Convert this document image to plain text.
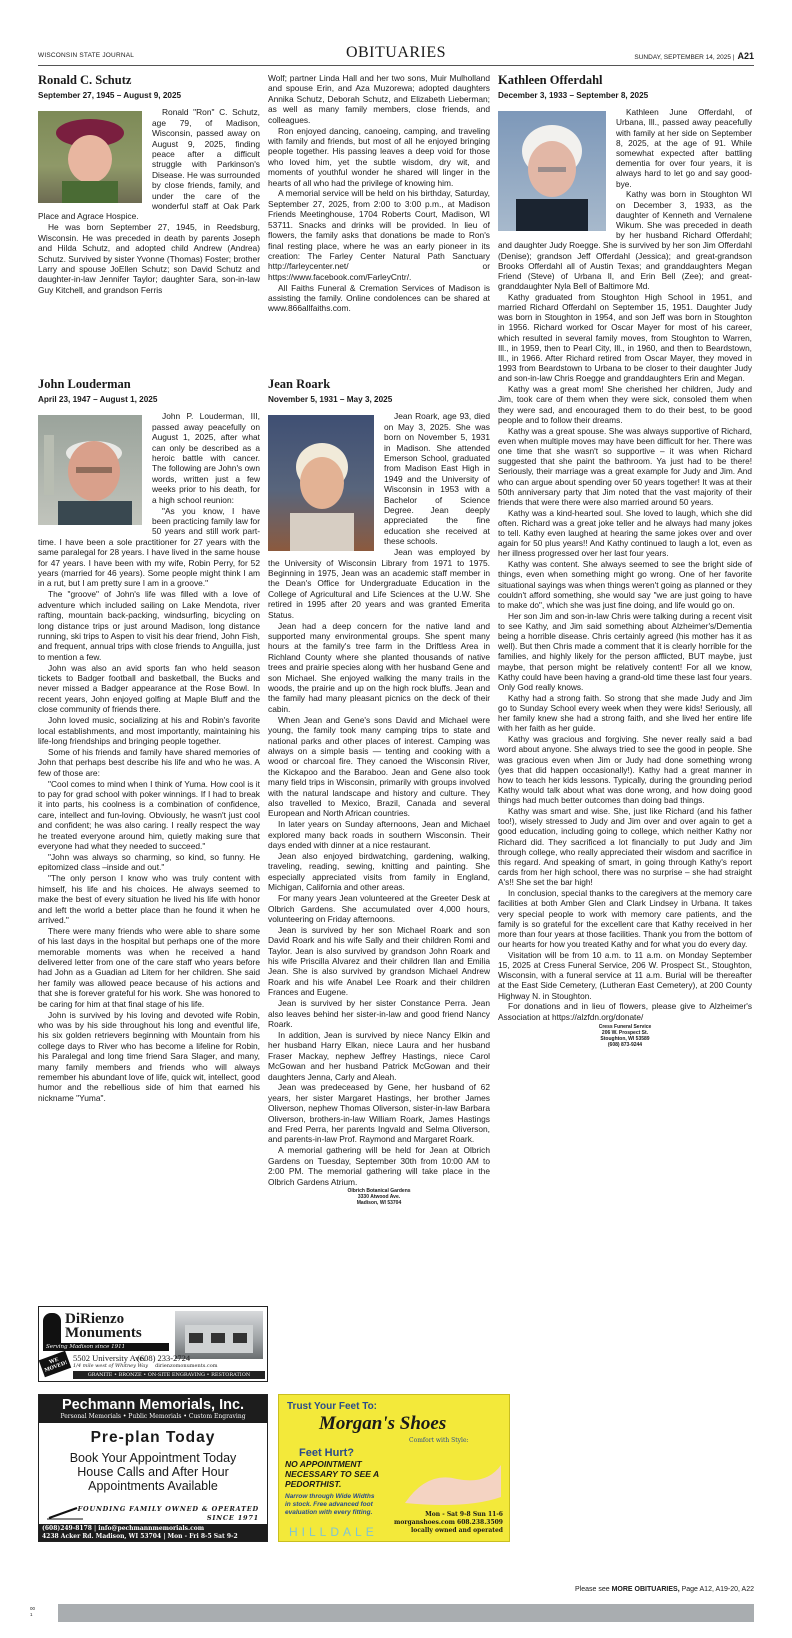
WISCONSIN STATE JOURNAL	OBITUARIES	SUNDAY, SEPTEMBER 14, 2025 | A21
Ronald C. Schutz
September 27, 1945 – August 9, 2025

Ronald "Ron" C. Schutz, age 79, of Madison, Wisconsin, passed away on August 9, 2025, finding peace after a difficult struggle with Parkinson's Disease. He was surrounded by close friends, family, and under the care of the wonderful staff at Oak Park Place and Agrace Hospice.

He was born September 27, 1945, in Reedsburg, Wisconsin. He was preceded in death by parents Joseph and Hilda Schutz, and adopted child Andrew (Andrea) Schutz. Survived by sister Yvonne (Thomas) Foster; brother Larry and spouse JoEllen Schutz; son David Schutz and daughter-in-law Jennifer Taylor; daughter Sara, son-in-law Guy Kitchell, and grandson Ferris

Wolf; partner Linda Hall and her two sons, Muir Mulholland and spouse Erin, and Aza Muzorewa; adopted daughters Annika Schutz, Deborah Schutz, and Elizabeth Lieberman; as well as many family members, close friends, and colleagues.

Ron enjoyed dancing, canoeing, camping, and traveling with family and friends, but most of all he enjoyed bringing people together. His passing leaves a deep void for those who loved him, yet the subtle wisdom, dry wit, and moments of youthful wonder he shared will linger in the hearts of all who had the privilege of knowing him.

A memorial service will be held on his birthday, Saturday, September 27, 2025, from 2:00 to 3:00 p.m., at Madison Friends Meetinghouse, 1704 Roberts Court, Madison, WI 53711. Snacks and drinks will be provided. In lieu of flowers, the family asks that donations be made to Ron's final resting place, where he was an early pioneer in its creation: The Farley Center Natural Path Sanctuary http://farleycenter.net/ or https://www.facebook.com/FarleyCntr/.

All Faiths Funeral & Cremation Services of Madison is assisting the family. Online condolences can be shared at www.866allfaiths.com.

John Louderman
April 23, 1947 – August 1, 2025

John P. Louderman, III, passed away peacefully on August 1, 2025, after what can only be described as a heroic battle with cancer. The following are John's own words, written just a few weeks prior to his death, for a high school reunion:

"As you know, I have been practicing family law for 50 years and still work part-time. I have been a sole practitioner for 27 years with the same paralegal for 28 years. I have lived in the same house for 47 years. I have been with my wife, Robin Perry, for 52 years (married for 46 years). Some people might think I am in a rut, but I am pretty sure I am in a groove."

The "groove" of John's life was filled with a love of adventure which included sailing on Lake Mendota, river rafting, mountain back-packing, windsurfing, bicycling on long distance trips or just around Madison, long distance running, ski trips to Aspen to visit his dear friend, John Fish, and frequent, annual trips with close friends to Anguilla, just to mention a few.

John was also an avid sports fan who held season tickets to Badger football and basketball, the Bucks and never missed a Badger appearance at the Rose Bowl. In recent years, John enjoyed golfing at Maple Bluff and the close community of friends there.

John loved music, socializing at his and Robin's favorite local establishments, and most importantly, maintaining his life-long friendships and bringing people together.

Some of his friends and family have shared memories of John that perhaps best describe his life and who he was. A few of those are:

"Cool comes to mind when I think of Yuma. How cool is it to pay for grad school with poker winnings. If I had to break it into parts, his coolness is a combination of confidence, care, intellect and fun-loving. Obviously, he wasn't just cool and confident; he was also caring. I really respect the way he treated everyone around him, quietly making sure that everyone had what they needed to succeed."

"John was always so charming, so kind, so funny. He epitomized class –inside and out."

"The only person I know who was truly content with himself, his life and his choices. He always seemed to make the best of every situation he lived his life with honor and left the world a better place than he found it when he arrived."

There were many friends who were able to share some of his last days in the hospital but perhaps one of the more memorable moments was when he received a hand delivered letter from one of the care staff who years before had John as a Guadian ad Litem for her children. She said her family was allowed peace because of his actions and that she is forever grateful for his work. She was honored to be caring for him at that final stage of his life.

John is survived by his loving and devoted wife Robin, who was by his side throughout his long and eventful life, his six golden retrievers beginning with Mountain from his college days to River who has become a lifeline for Robin, his Paralegal and long time friend Sara Slager, and many, many family members and friends who will always remember his abundant love of life, quick wit, intellect, good humor and the rebellious side of him that earned his nickname "Yuma".

Jean Roark
November 5, 1931 – May 3, 2025

Jean Roark, age 93, died on May 3, 2025. She was born on November 5, 1931 in Madison. She attended Emerson School, graduated from Madison East High in 1949 and the University of Wisconsin in 1953 with a Bachelor of Science Degree. Jean deeply appreciated the fine education she received at these schools.

Jean was employed by the University of Wisconsin Library from 1971 to 1975. Beginning in 1975, Jean was an academic staff member in the Dean's Office for Undergraduate Education in the College of Agricultural and Life Sciences at the U.W. She retired in 1995 after 20 years and was granted Emerita Status.

Jean had a deep concern for the native land and supported many environmental groups. She spent many hours at the family's tree farm in the Driftless Area in Richland County where she planted thousands of native trees and prairie species along with her husband Gene and son Michael. She enjoyed walking the many trails in the woods, the prairie and up on the high rock bluffs. Jean and the family had many pleasant picnics on the deck of their cabin.

When Jean and Gene's sons David and Michael were young, the family took many camping trips to state and national parks and other places of interest. Camping was always on a simple basis — tenting and cooking with a wood or charcoal fire. They canoed the Wisconsin River, the Kickapoo and the Baraboo. Jean and Gene also took many field trips in Wisconsin, primarily with groups involved with the natural landscape and history and culture. They also travelled to Mexico, Brazil, Canada and several European and North African countries.

In later years on Sunday afternoons, Jean and Michael explored many back roads in southern Wisconsin. Their days ended with dinner at a nice restaurant.

Jean also enjoyed birdwatching, gardening, walking, traveling, reading, sewing, knitting and painting. She especially appreciated visits from family in England, Michigan, California and other areas.

For many years Jean volunteered at the Greeter Desk at Olbrich Gardens. She accumulated over 4,000 hours, volunteering on Friday afternoons.

Jean is survived by her son Michael Roark and son David Roark and his wife Sally and their children Romi and Taylor. Jean is also survived by grandson John Roark and his wife Priscilla Alvarez and their children Ilan and Emilia Jean. She is also survived by grandson Michael Andrew Roark and his wife Anabel Lee Roark and their children Frances and Eugene.

Jean is survived by her sister Constance Perra. Jean also leaves behind her sister-in-law and good friend Nancy Roark.

In addition, Jean is survived by niece Nancy Elkin and her husband Harry Elkan, niece Laura and her husband Fraser Mackay, nephew Jeffrey Hastings, niece Carol McGowan and her husband Patrick McGowan and their daughters Jenna, Carly and Aleah.

Jean was predeceased by Gene, her husband of 62 years, her sister Margaret Hastings, her brother James Oliverson, nephew Thomas Oliverson, sister-in-law Barbara Oliverson, brothers-in-law William Roark, James Hastings and Fred Perra, her parents Ingvald and Selma Oliverson, and parents-in-law Prof. Raymond and Margaret Roark.

A memorial gathering will be held for Jean at Olbrich Gardens on Tuesday, September 30th from 10:00 AM to 2:00 PM. The memorial gathering will take place in the Olbrich Gardens Atrium.

Olbrich Botanical Gardens
3330 Atwood Ave.
Madison, WI 53704
Kathleen Offerdahl
December 3, 1933 – September 8, 2025

Kathleen June Offerdahl, of Urbana, Ill., passed away peacefully with family at her side on September 8, 2025, at the age of 91. While somewhat expected after battling dementia for over four years, it is always hard to let go and say good-bye.

Kathy was born in Stoughton WI on December 3, 1933, as the daughter of Kenneth and Vernalene Wikum. She was preceded in death by her husband Richard Offerdahl; and daughter Judy Roegge. She is survived by her son Jim Offerdahl (Denise); grandson Jeff Offerdahl (Jessica); and great-grandson Brooks Offerdahl all of Austin Texas; and granddaughters Megan Friend (Steve) of Urbana Il, and Erin Bell (Zee); and great-granddaughter Nyla Bell of Baltimore Md.

Kathy graduated from Stoughton High School in 1951, and married Richard Offerdahl on September 15, 1951. Daughter Judy was born in Stoughton in 1954, and son Jeff was born in Stoughton in 1956. Richard worked for Oscar Mayer for most of his career, which resulted in several family moves, from Stoughton to Warren, Ill., in 1959, then to Pearl City, Ill., in 1960, and then to Beardstown, Ill., in 1966. After Richard retired from Oscar Mayer, they moved in 1993 from Beardstown to Urbana to be closer to their daughter Judy and son-in-law Chris Roegge and granddaughters Erin and Megan.

Kathy was a great mom! She cherished her children, Judy and Jim, took care of them when they were sick, consoled them when they were sad, and encouraged them to do their best, to be good people and to follow their dreams.

Kathy was a great spouse. She was always supportive of Richard, even when multiple moves may have been difficult for her. There was one time that she wasn't so supportive – it was when Richard suggested that she paint the bathroom. Ya just had to be there! Seriously, their marriage was a great example for Judy and Jim. And who can argue about spending over 50 years together! It was at their 50th anniversary party that Jim noted that the vast majority of their friends that were there were also married around 50 years.

Kathy was a kind-hearted soul. She loved to laugh, which she did often. Richard was a great joke teller and he always had many jokes to tell. Kathy even laughed at hearing the same jokes over and over again for 50 plus years!! And Kathy continued to laugh a lot, even as her illness progressed over her last four years.

Kathy was content. She always seemed to see the bright side of things, even when something might go wrong. One of her favorite situational sayings was when things weren't going as planned or they couldn't afford something, she would say "we are just going to have to make do", which she was just fine doing, and life would go on.

Her son Jim and son-in-law Chris were talking during a recent visit to see Kathy, and Jim said something about Alzheimer's/Dementia being a horrible disease. Chris certainly agreed (his mother has it as well). But then Chris made a comment that it is clearly horrible for the families, and highly likely for the person afflicted, BUT maybe, just maybe, that person might be relatively content! For all we know, Kathy could have been having a grand-old time these last four years. Only God really knows.

Kathy had a strong faith. So strong that she made Judy and Jim go to Sunday School every week when they were kids! Seriously, all her family knew she had a strong faith, and she lived her entire life with her faith as her guide.

Kathy was gracious and forgiving. She never really said a bad word about anyone. She always tried to see the good in people. She was gracious even when Jim or Judy had done something wrong (yes that did happen occasionally!). Kathy had a great manner in how to teach her kids lessons. Typically, during the grounding period Kathy would talk about what was done wrong, and how doing good things had much better outcomes than doing bad things.

Kathy was smart and wise. She, just like Richard (and his father too!), wisely stressed to Judy and Jim over and over again to get a good education, including going to college, which neither Kathy nor Richard did. They sacrificed a lot financially to put Judy and Jim through college, who really appreciated their wisdom and sacrifice in this regard. And speaking of smart, in going through Kathy's report cards from her high school, there was no surprise – she had straight A's!! She set the bar high!

In conclusion, special thanks to the caregivers at the memory care facilities at both Amber Glen and Clark Lindsey in Urbana. It takes very special people to work with memory care patients, and the family is so grateful for the excellent care that Kathy received in her more than four years at those facilities. Thank you from the bottom of our hearts for how you treated Kathy and for what you do every day.

Visitation will be from 10 a.m. to 11 a.m. on Monday September 15, 2025 at Cress Funeral Service, 206 W. Prospect St., Stoughton, Wisconsin, with a funeral service at 11 a.m. Burial will be thereafter at the East Side Cemetery, (Lutheran East Cemetery), at 200 County Highway N. in Stoughton.

For donations and in lieu of flowers, please give to Alzheimer's Association at https://alzfdn.org/donate/

Cress Funeral Service
206 W. Prospect St.
Stoughton, WI 53589
(608) 873-9244
DiRienzo
Monuments
Serving Madison since 1911
WE MOVED!
5502 University Ave.
(608) 233-2724
1/4 mile west of Whitney Way dirienzomonuments.com
GRANITE • BRONZE • ON-SITE ENGRAVING • RESTORATION
Pechmann Memorials, Inc.
Personal Memorials • Public Memorials • Custom Engraving
Pre-plan Today
Book Your Appointment Today
House Calls and After Hour
Appointments Available
FOUNDING FAMILY OWNED & OPERATED
SINCE 1971
(608)249-8178 | info@pechmannmemorials.com
4238 Acker Rd. Madison, WI 53704 | Mon - Fri 8-5 Sat 9-2
Trust Your Feet To:
Morgan's Shoes
Comfort with Style:
Feet Hurt?
NO APPOINTMENT
NECESSARY TO SEE A
PEDORTHIST.
Narrow through Wide Widths
in stock. Free advanced foot
evaluation with every fitting.	Mon - Sat 9-8 Sun 11-6
morganshoes.com 608.238.3509
locally owned and operated
HILLDALE
Please see MORE OBITUARIES, Page A12, A19-20, A22
00
1
